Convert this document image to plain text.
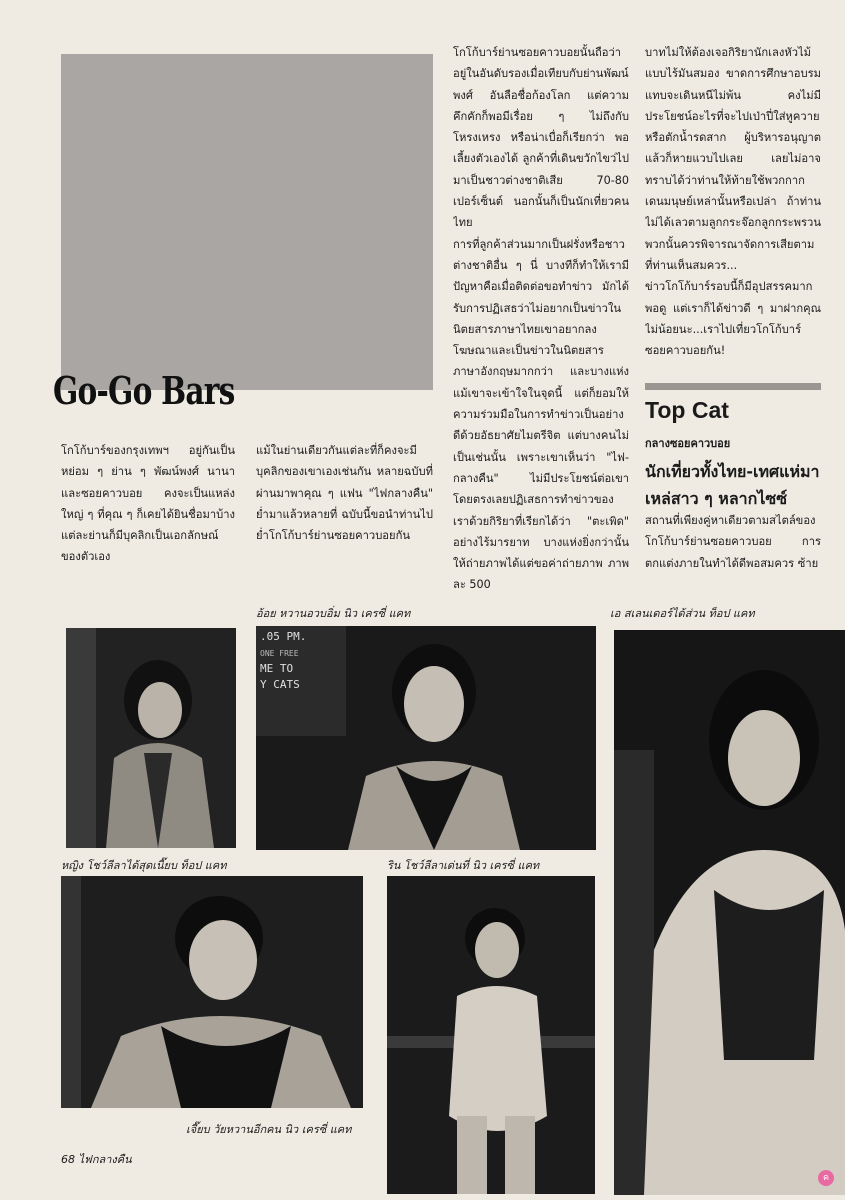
Go-Go Bars

โกโก้บาร์ย่านซอยคาวบอยนั้นถือว่าอยู่ในอันดับรองเมื่อเทียบกับย่านพัฒน์พงศ์ อันลือชื่อก้องโลก แต่ความคึกคักก็พอมีเรื่อย ๆ ไม่ถึงกับโหรงเหรง หรือน่าเบื่อก็เรียกว่า พอเลี้ยงตัวเองได้ ลูกค้าที่เดินขวักไขว่ไปมาเป็นชาวต่างชาติเสีย 70-80 เปอร์เซ็นต์ นอกนั้นก็เป็นนักเที่ยวคนไทย

การที่ลูกค้าส่วนมากเป็นฝรั่งหรือชาวต่างชาติอื่น ๆ นี่ บางทีก็ทำให้เรามีปัญหาคือเมื่อติดต่อขอทำข่าว มักได้รับการปฏิเสธว่าไม่อยากเป็นข่าวในนิตยสารภาษาไทยเขาอยากลงโฆษณาและเป็นข่าวในนิตยสารภาษาอังกฤษมากกว่า และบางแห่งแม้เขาจะเข้าใจในจุดนี้ แต่ก็ยอมให้ความร่วมมือในการทำข่าวเป็นอย่างดีด้วยอัธยาศัยไมตรีจิต แต่บางคนไม่เป็นเช่นนั้น เพราะเขาเห็นว่า "ไฟ-กลางคืน" ไม่มีประโยชน์ต่อเขาโดยตรงเลยปฏิเสธการทำข่าวของเราด้วยกิริยาที่เรียกได้ว่า "ตะเพิด" อย่างไร้มารยาท บางแห่งยิ่งกว่านั้นให้ถ่ายภาพได้แต่ขอค่าถ่ายภาพ ภาพละ 500

บาทไม่ให้ต้องเจอกิริยานักเลงหัวไม้แบบไร้มันสมอง ขาดการศึกษาอบรมแทบจะเดินหนีไม่พ้น คงไม่มีประโยชน์อะไรที่จะไปเป่าปี่ใส่หูควาย หรือตักน้ำรดสาก ผู้บริหารอนุญาตแล้วก็หายแวบไปเลย เลยไม่อาจทราบได้ว่าท่านให้ท้ายใช้พวกกากเดนมนุษย์เหล่านั้นหรือเปล่า ถ้าท่านไม่ได้เลวตามลูกกระจ๊อกลูกกระพรวนพวกนั้นควรพิจารณาจัดการเสียตามที่ท่านเห็นสมควร...

ข่าวโกโก้บาร์รอบนี้ก็มีอุปสรรคมากพอดู แต่เราก็ได้ข่าวดี ๆ มาฝากคุณไม่น้อยนะ...เราไปเที่ยวโกโก้บาร์ซอยคาวบอยกัน!

Top Cat
กลางซอยคาวบอย
นักเที่ยวทั้งไทย-เทศแห่มาเหล่สาว ๆ หลากไซซ์

สถานที่เพียงคู่หาเดียวตามสไตล์ของโกโก้บาร์ย่านซอยคาวบอย การตกแต่งภายในทำได้ดีพอสมควร ซ้าย

โกโก้บาร์ของกรุงเทพฯ อยู่กันเป็นหย่อม ๆ ย่าน ๆ พัฒน์พงศ์ นานา และซอยคาวบอย คงจะเป็นแหล่งใหญ่ ๆ ที่คุณ ๆ ก็เคยได้ยินชื่อมาบ้าง แต่ละย่านก็มีบุคลิกเป็นเอกลักษณ์ของตัวเอง

แม้ในย่านเดียวกันแต่ละที่ก็คงจะมีบุคลิกของเขาเองเช่นกัน หลายฉบับที่ผ่านมาพาคุณ ๆ แฟน "ไฟกลางคืน" ย่ำมาแล้วหลายที่ ฉบับนี้ขอนำท่านไปย่ำโกโก้บาร์ย่านซอยคาวบอยกัน

อ้อย หวานอวบอิ่ม นิว เครซี่ แคท	เอ สเลนเดอร์ได้ส่วน ท็อป แคท
หญิง โชว์ลีลาได้สุดเนี๊ยบ ท็อป แคท	ริน โชว์ลีลาเด่นที่ นิว เครซี่ แคท
เจี๊ยบ วัยหวานอีกคน นิว เครซี่ แคท
.05 PM.
ONE FREE
ME TO
Y CATS
68 ไฟกลางคืน
ค
